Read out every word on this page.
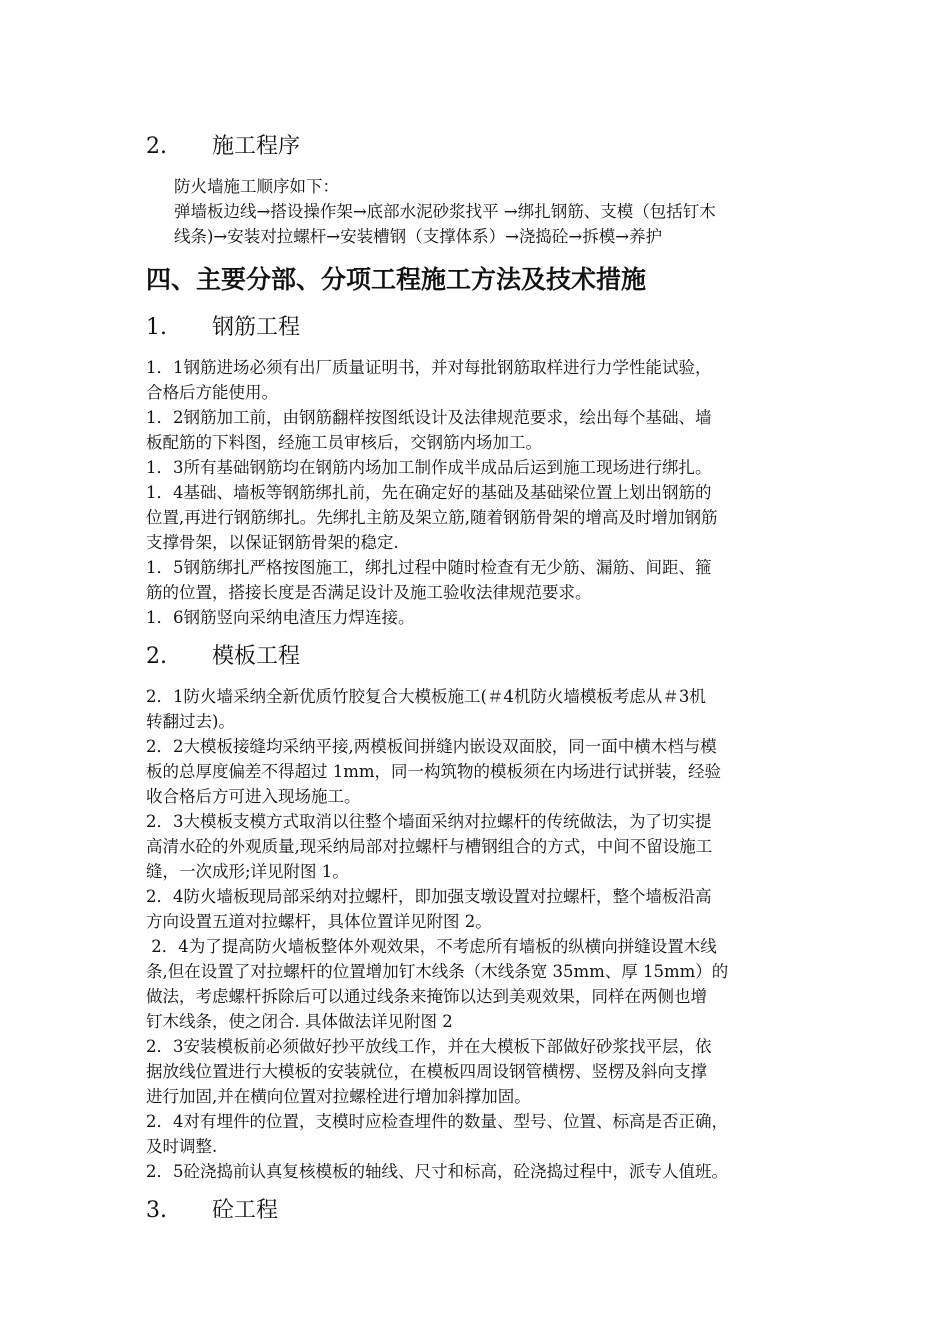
2. 施工程序
防火墙施工顺序如下：
弹墙板边线→搭设操作架→底部水泥砂浆找平 →绑扎钢筋、支模（包括钉木
线条)→安装对拉螺杆→安装槽钢（支撑体系）→浇捣砼→拆模→养护
四、主要分部、分项工程施工方法及技术措施
1. 钢筋工程
1．1钢筋进场必须有出厂质量证明书，并对每批钢筋取样进行力学性能试验，
合格后方能使用。
1．2钢筋加工前，由钢筋翻样按图纸设计及法律规范要求，绘出每个基础、墙
板配筋的下料图，经施工员审核后，交钢筋内场加工。
1．3所有基础钢筋均在钢筋内场加工制作成半成品后运到施工现场进行绑扎。
1．4基础、墙板等钢筋绑扎前，先在确定好的基础及基础梁位置上划出钢筋的
位置,再进行钢筋绑扎。先绑扎主筋及架立筋,随着钢筋骨架的增高及时增加钢筋
支撑骨架，以保证钢筋骨架的稳定.
1．5钢筋绑扎严格按图施工，绑扎过程中随时检查有无少筋、漏筋、间距、箍
筋的位置，搭接长度是否满足设计及施工验收法律规范要求。
1．6钢筋竖向采纳电渣压力焊连接。
2. 模板工程
2．1防火墙采纳全新优质竹胶复合大模板施工(＃4机防火墙模板考虑从＃3机
转翻过去)。
2．2大模板接缝均采纳平接,两模板间拼缝内嵌设双面胶，同一面中横木档与模
板的总厚度偏差不得超过 1mm，同一构筑物的模板须在内场进行试拼装，经验
收合格后方可进入现场施工。
2．3大模板支模方式取消以往整个墙面采纳对拉螺杆的传统做法，为了切实提
高清水砼的外观质量,现采纳局部对拉螺杆与槽钢组合的方式，中间不留设施工
缝，一次成形;详见附图 1。
2．4防火墙板现局部采纳对拉螺杆，即加强支墩设置对拉螺杆，整个墙板沿高
方向设置五道对拉螺杆，具体位置详见附图 2。
2．4为了提高防火墙板整体外观效果，不考虑所有墙板的纵横向拼缝设置木线
条,但在设置了对拉螺杆的位置增加钉木线条（木线条宽 35mm、厚 15mm）的
做法，考虑螺杆拆除后可以通过线条来掩饰以达到美观效果，同样在两侧也增
钉木线条，使之闭合. 具体做法详见附图 2
2．3安装模板前必须做好抄平放线工作，并在大模板下部做好砂浆找平层，依
据放线位置进行大模板的安装就位，在模板四周设钢管横楞、竖楞及斜向支撑
进行加固,并在横向位置对拉螺栓进行增加斜撑加固。
2．4对有埋件的位置，支模时应检查埋件的数量、型号、位置、标高是否正确，
及时调整.
2．5砼浇捣前认真复核模板的轴线、尺寸和标高，砼浇捣过程中，派专人值班。
3. 砼工程
